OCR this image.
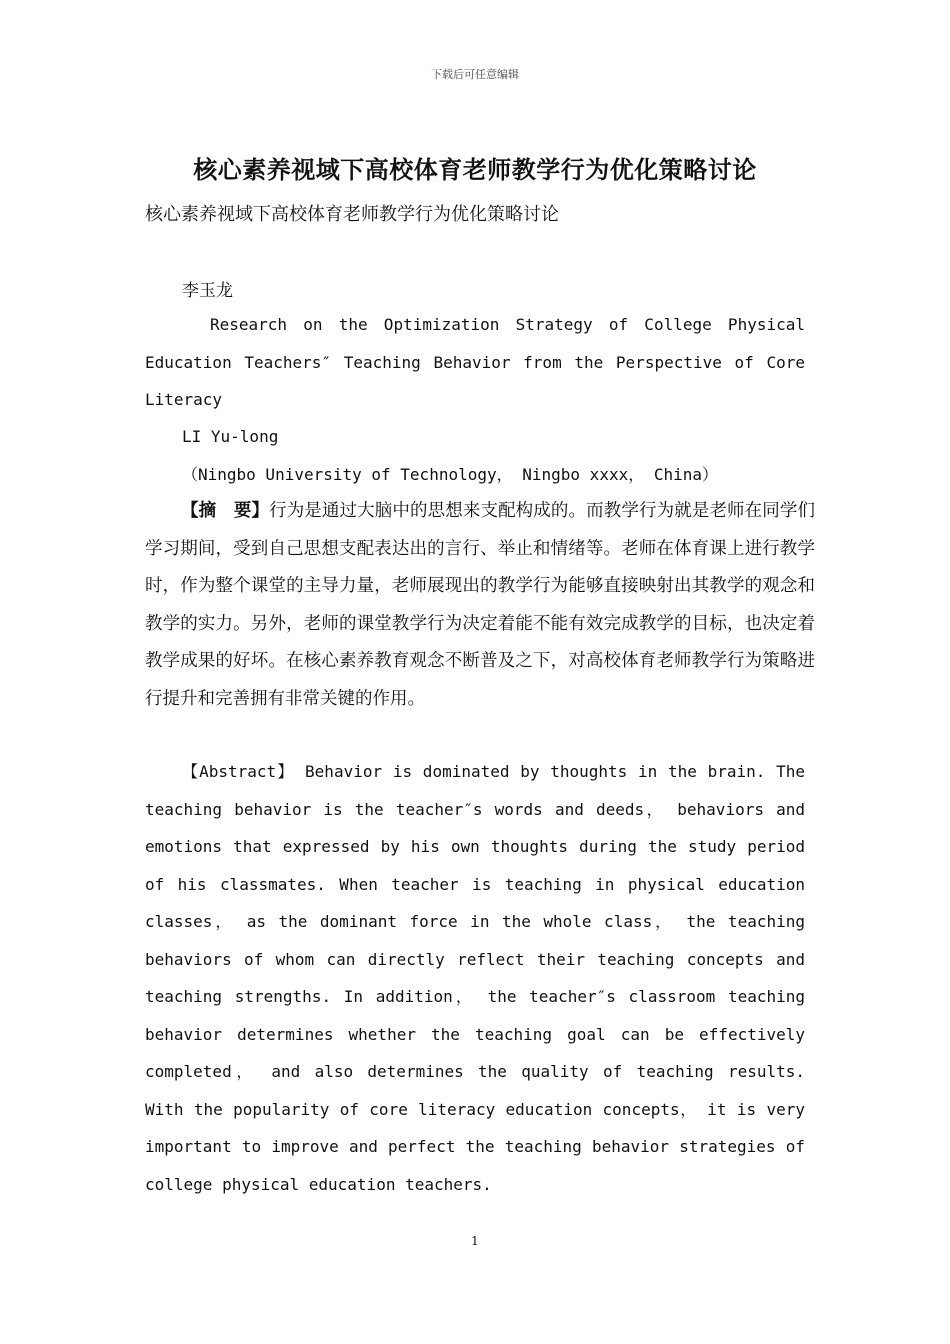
下载后可任意编辑
核心素养视域下高校体育老师教学行为优化策略讨论
核心素养视域下高校体育老师教学行为优化策略讨论
李玉龙
Research on the Optimization Strategy of College Physical Education Teachers″ Teaching Behavior from the Perspective of Core Literacy
LI Yu-long
（Ningbo University of Technology， Ningbo xxxx， China）
【摘　要】行为是通过大脑中的思想来支配构成的。而教学行为就是老师在同学们学习期间，受到自己思想支配表达出的言行、举止和情绪等。老师在体育课上进行教学时，作为整个课堂的主导力量，老师展现出的教学行为能够直接映射出其教学的观念和教学的实力。另外，老师的课堂教学行为决定着能不能有效完成教学的目标，也决定着教学成果的好坏。在核心素养教育观念不断普及之下，对高校体育老师教学行为策略进行提升和完善拥有非常关键的作用。
【Abstract】 Behavior is dominated by thoughts in the brain. The teaching behavior is the teacher″s words and deeds， behaviors and emotions that expressed by his own thoughts during the study period of his classmates. When teacher is teaching in physical education classes， as the dominant force in the whole class， the teaching behaviors of whom can directly reflect their teaching concepts and teaching strengths. In addition， the teacher″s classroom teaching behavior determines whether the teaching goal can be effectively completed， and also determines the quality of teaching results. With the popularity of core literacy education concepts， it is very important to improve and perfect the teaching behavior strategies of college physical education teachers.
1
